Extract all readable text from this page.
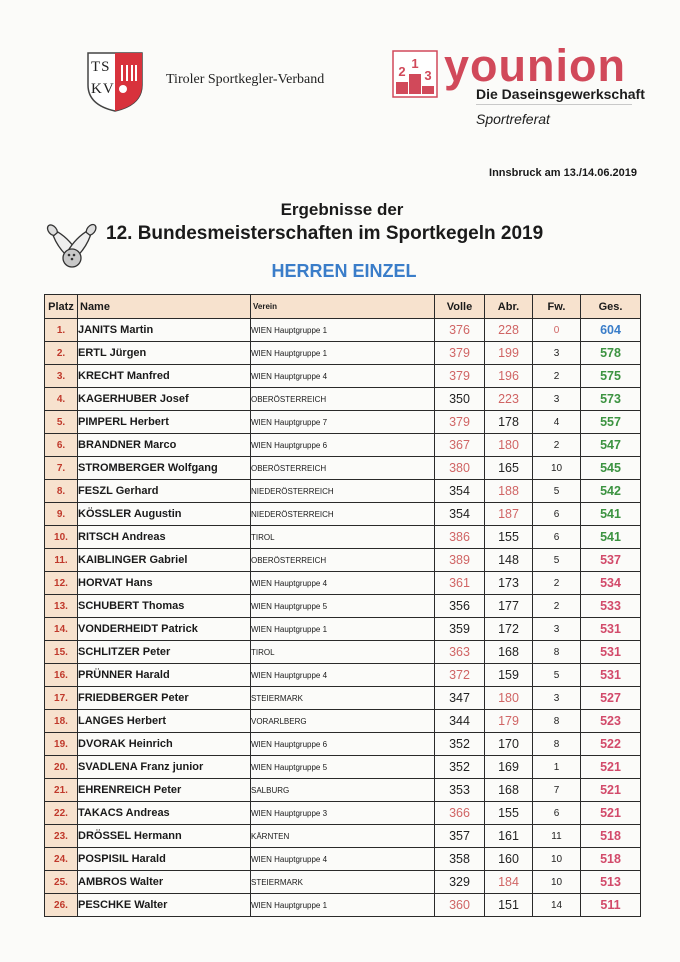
TS
KV
Tiroler Sportkegler-Verband
2
1
3 younion
Die Daseinsgewerkschaft
Sportreferat
Innsbruck am 13./14.06.2019
Ergebnisse der
12. Bundesmeisterschaften im Sportkegeln 2019
HERREN EINZEL
Platz	Name	Verein	Volle	Abr.	Fw.	Ges.
1.	JANITS Martin	WIEN Hauptgruppe 1	376	228	0	604
2.	ERTL Jürgen	WIEN Hauptgruppe 1	379	199	3	578
3.	KRECHT Manfred	WIEN Hauptgruppe 4	379	196	2	575
4.	KAGERHUBER Josef	OBERÖSTERREICH	350	223	3	573
5.	PIMPERL Herbert	WIEN Hauptgruppe 7	379	178	4	557
6.	BRANDNER Marco	WIEN Hauptgruppe 6	367	180	2	547
7.	STROMBERGER Wolfgang	OBERÖSTERREICH	380	165	10	545
8.	FESZL Gerhard	NIEDERÖSTERREICH	354	188	5	542
9.	KÖSSLER Augustin	NIEDERÖSTERREICH	354	187	6	541
10.	RITSCH Andreas	TIROL	386	155	6	541
11.	KAIBLINGER Gabriel	OBERÖSTERREICH	389	148	5	537
12.	HORVAT Hans	WIEN Hauptgruppe 4	361	173	2	534
13.	SCHUBERT Thomas	WIEN Hauptgruppe 5	356	177	2	533
14.	VONDERHEIDT Patrick	WIEN Hauptgruppe 1	359	172	3	531
15.	SCHLITZER Peter	TIROL	363	168	8	531
16.	PRÜNNER Harald	WIEN Hauptgruppe 4	372	159	5	531
17.	FRIEDBERGER Peter	STEIERMARK	347	180	3	527
18.	LANGES Herbert	VORARLBERG	344	179	8	523
19.	DVORAK Heinrich	WIEN Hauptgruppe 6	352	170	8	522
20.	SVADLENA Franz junior	WIEN Hauptgruppe 5	352	169	1	521
21.	EHRENREICH Peter	SALBURG	353	168	7	521
22.	TAKACS Andreas	WIEN Hauptgruppe 3	366	155	6	521
23.	DRÖSSEL Hermann	KÄRNTEN	357	161	11	518
24.	POSPISIL Harald	WIEN Hauptgruppe 4	358	160	10	518
25.	AMBROS Walter	STEIERMARK	329	184	10	513
26.	PESCHKE Walter	WIEN Hauptgruppe 1	360	151	14	511
